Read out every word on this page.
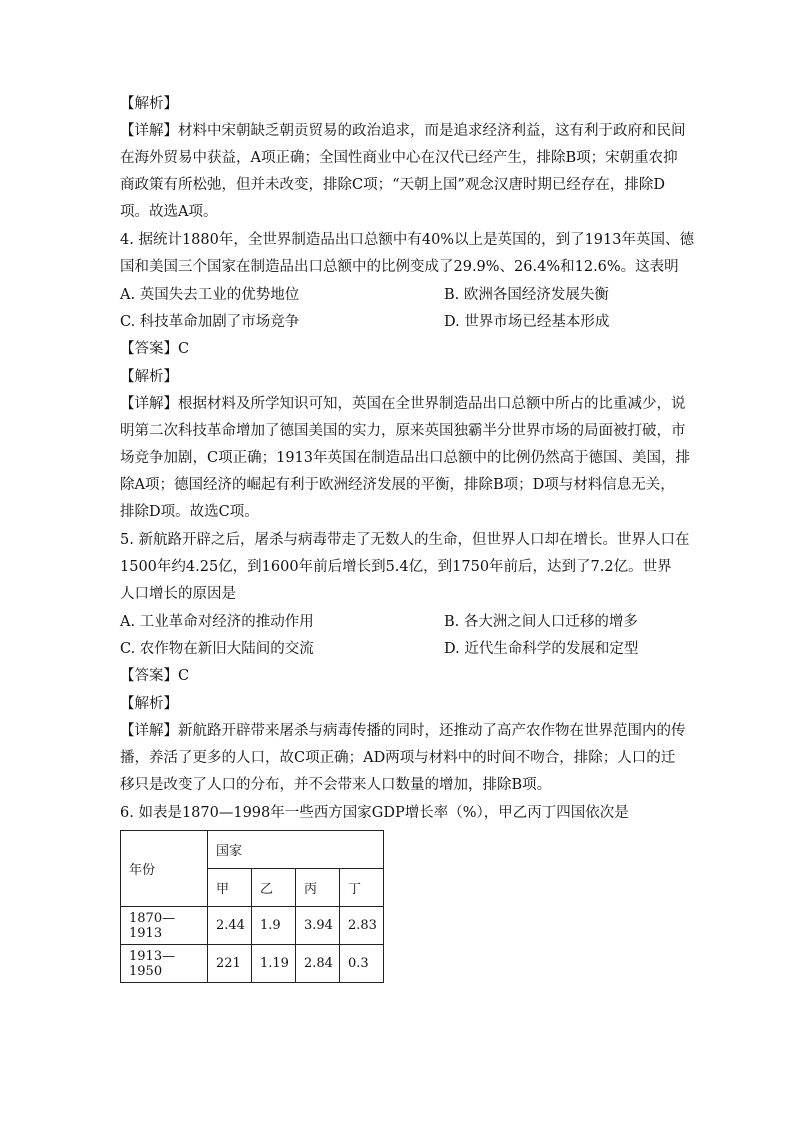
【解析】
【详解】材料中宋朝缺乏朝贡贸易的政治追求，而是追求经济利益，这有利于政府和民间
在海外贸易中获益，A项正确；全国性商业中心在汉代已经产生，排除B项；宋朝重农抑
商政策有所松弛，但并未改变，排除C项；“天朝上国”观念汉唐时期已经存在，排除D
项。故选A项。
4. 据统计1880年，全世界制造品出口总额中有40%以上是英国的，到了1913年英国、德
国和美国三个国家在制造品出口总额中的比例变成了29.9%、26.4%和12.6%。这表明
A. 英国失去工业的优势地位	B. 欧洲各国经济发展失衡
C. 科技革命加剧了市场竞争	D. 世界市场已经基本形成
【答案】C
【解析】
【详解】根据材料及所学知识可知，英国在全世界制造品出口总额中所占的比重减少，说
明第二次科技革命增加了德国美国的实力，原来英国独霸半分世界市场的局面被打破，市
场竞争加剧，C项正确；1913年英国在制造品出口总额中的比例仍然高于德国、美国，排
除A项；德国经济的崛起有利于欧洲经济发展的平衡，排除B项；D项与材料信息无关，
排除D项。故选C项。
5. 新航路开辟之后，屠杀与病毒带走了无数人的生命，但世界人口却在增长。世界人口在
1500年约4.25亿，到1600年前后增长到5.4亿，到1750年前后，达到了7.2亿。世界
人口增长的原因是
A. 工业革命对经济的推动作用	B. 各大洲之间人口迁移的增多
C. 农作物在新旧大陆间的交流	D. 近代生命科学的发展和定型
【答案】C
【解析】
【详解】新航路开辟带来屠杀与病毒传播的同时，还推动了高产农作物在世界范围内的传
播，养活了更多的人口，故C项正确；AD两项与材料中的时间不吻合，排除；人口的迁
移只是改变了人口的分布，并不会带来人口数量的增加，排除B项。
6. 如表是1870—1998年一些西方国家GDP增长率（%），甲乙丙丁四国依次是
年份	国家			
	甲	乙	丙	丁
1870—1913	2.44	1.9	3.94	2.83
1913—1950	221	1.19	2.84	0.3
